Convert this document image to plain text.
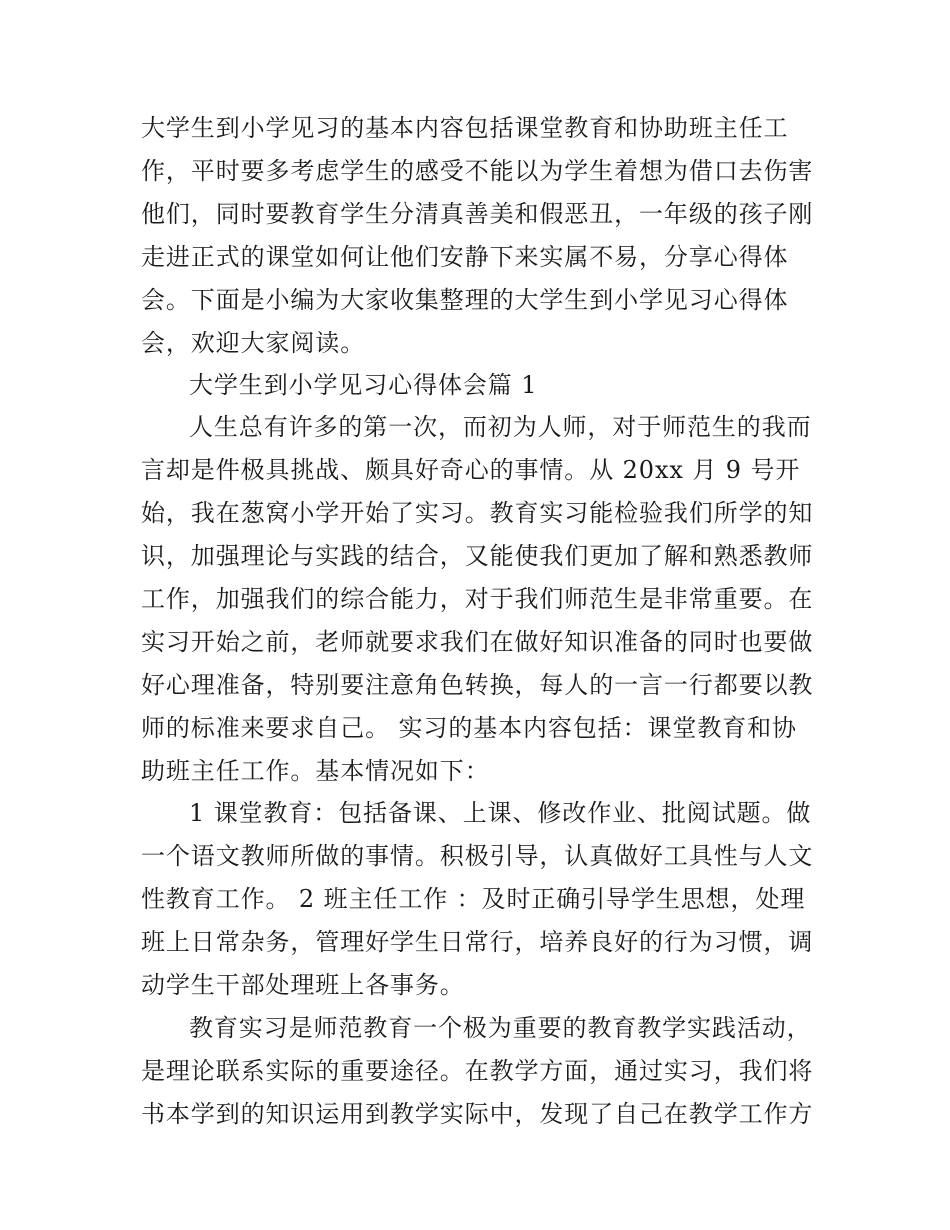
大学生到小学见习的基本内容包括课堂教育和协助班主任工
作，平时要多考虑学生的感受不能以为学生着想为借口去伤害
他们，同时要教育学生分清真善美和假恶丑，一年级的孩子刚
走进正式的课堂如何让他们安静下来实属不易，分享心得体
会。下面是小编为大家收集整理的大学生到小学见习心得体
会，欢迎大家阅读。
大学生到小学见习心得体会篇 1
人生总有许多的第一次，而初为人师，对于师范生的我而
言却是件极具挑战、颇具好奇心的事情。从 20xx 月 9 号开
始，我在葱窝小学开始了实习。教育实习能检验我们所学的知
识，加强理论与实践的结合，又能使我们更加了解和熟悉教师
工作，加强我们的综合能力，对于我们师范生是非常重要。在
实习开始之前，老师就要求我们在做好知识准备的同时也要做
好心理准备，特别要注意角色转换，每人的一言一行都要以教
师的标准来要求自己。 实习的基本内容包括：课堂教育和协
助班主任工作。基本情况如下：
1 课堂教育：包括备课、上课、修改作业、批阅试题。做
一个语文教师所做的事情。积极引导，认真做好工具性与人文
性教育工作。 2 班主任工作 ：及时正确引导学生思想，处理
班上日常杂务，管理好学生日常行，培养良好的行为习惯，调
动学生干部处理班上各事务。
教育实习是师范教育一个极为重要的教育教学实践活动，
是理论联系实际的重要途径。在教学方面，通过实习，我们将
书本学到的知识运用到教学实际中，发现了自己在教学工作方
